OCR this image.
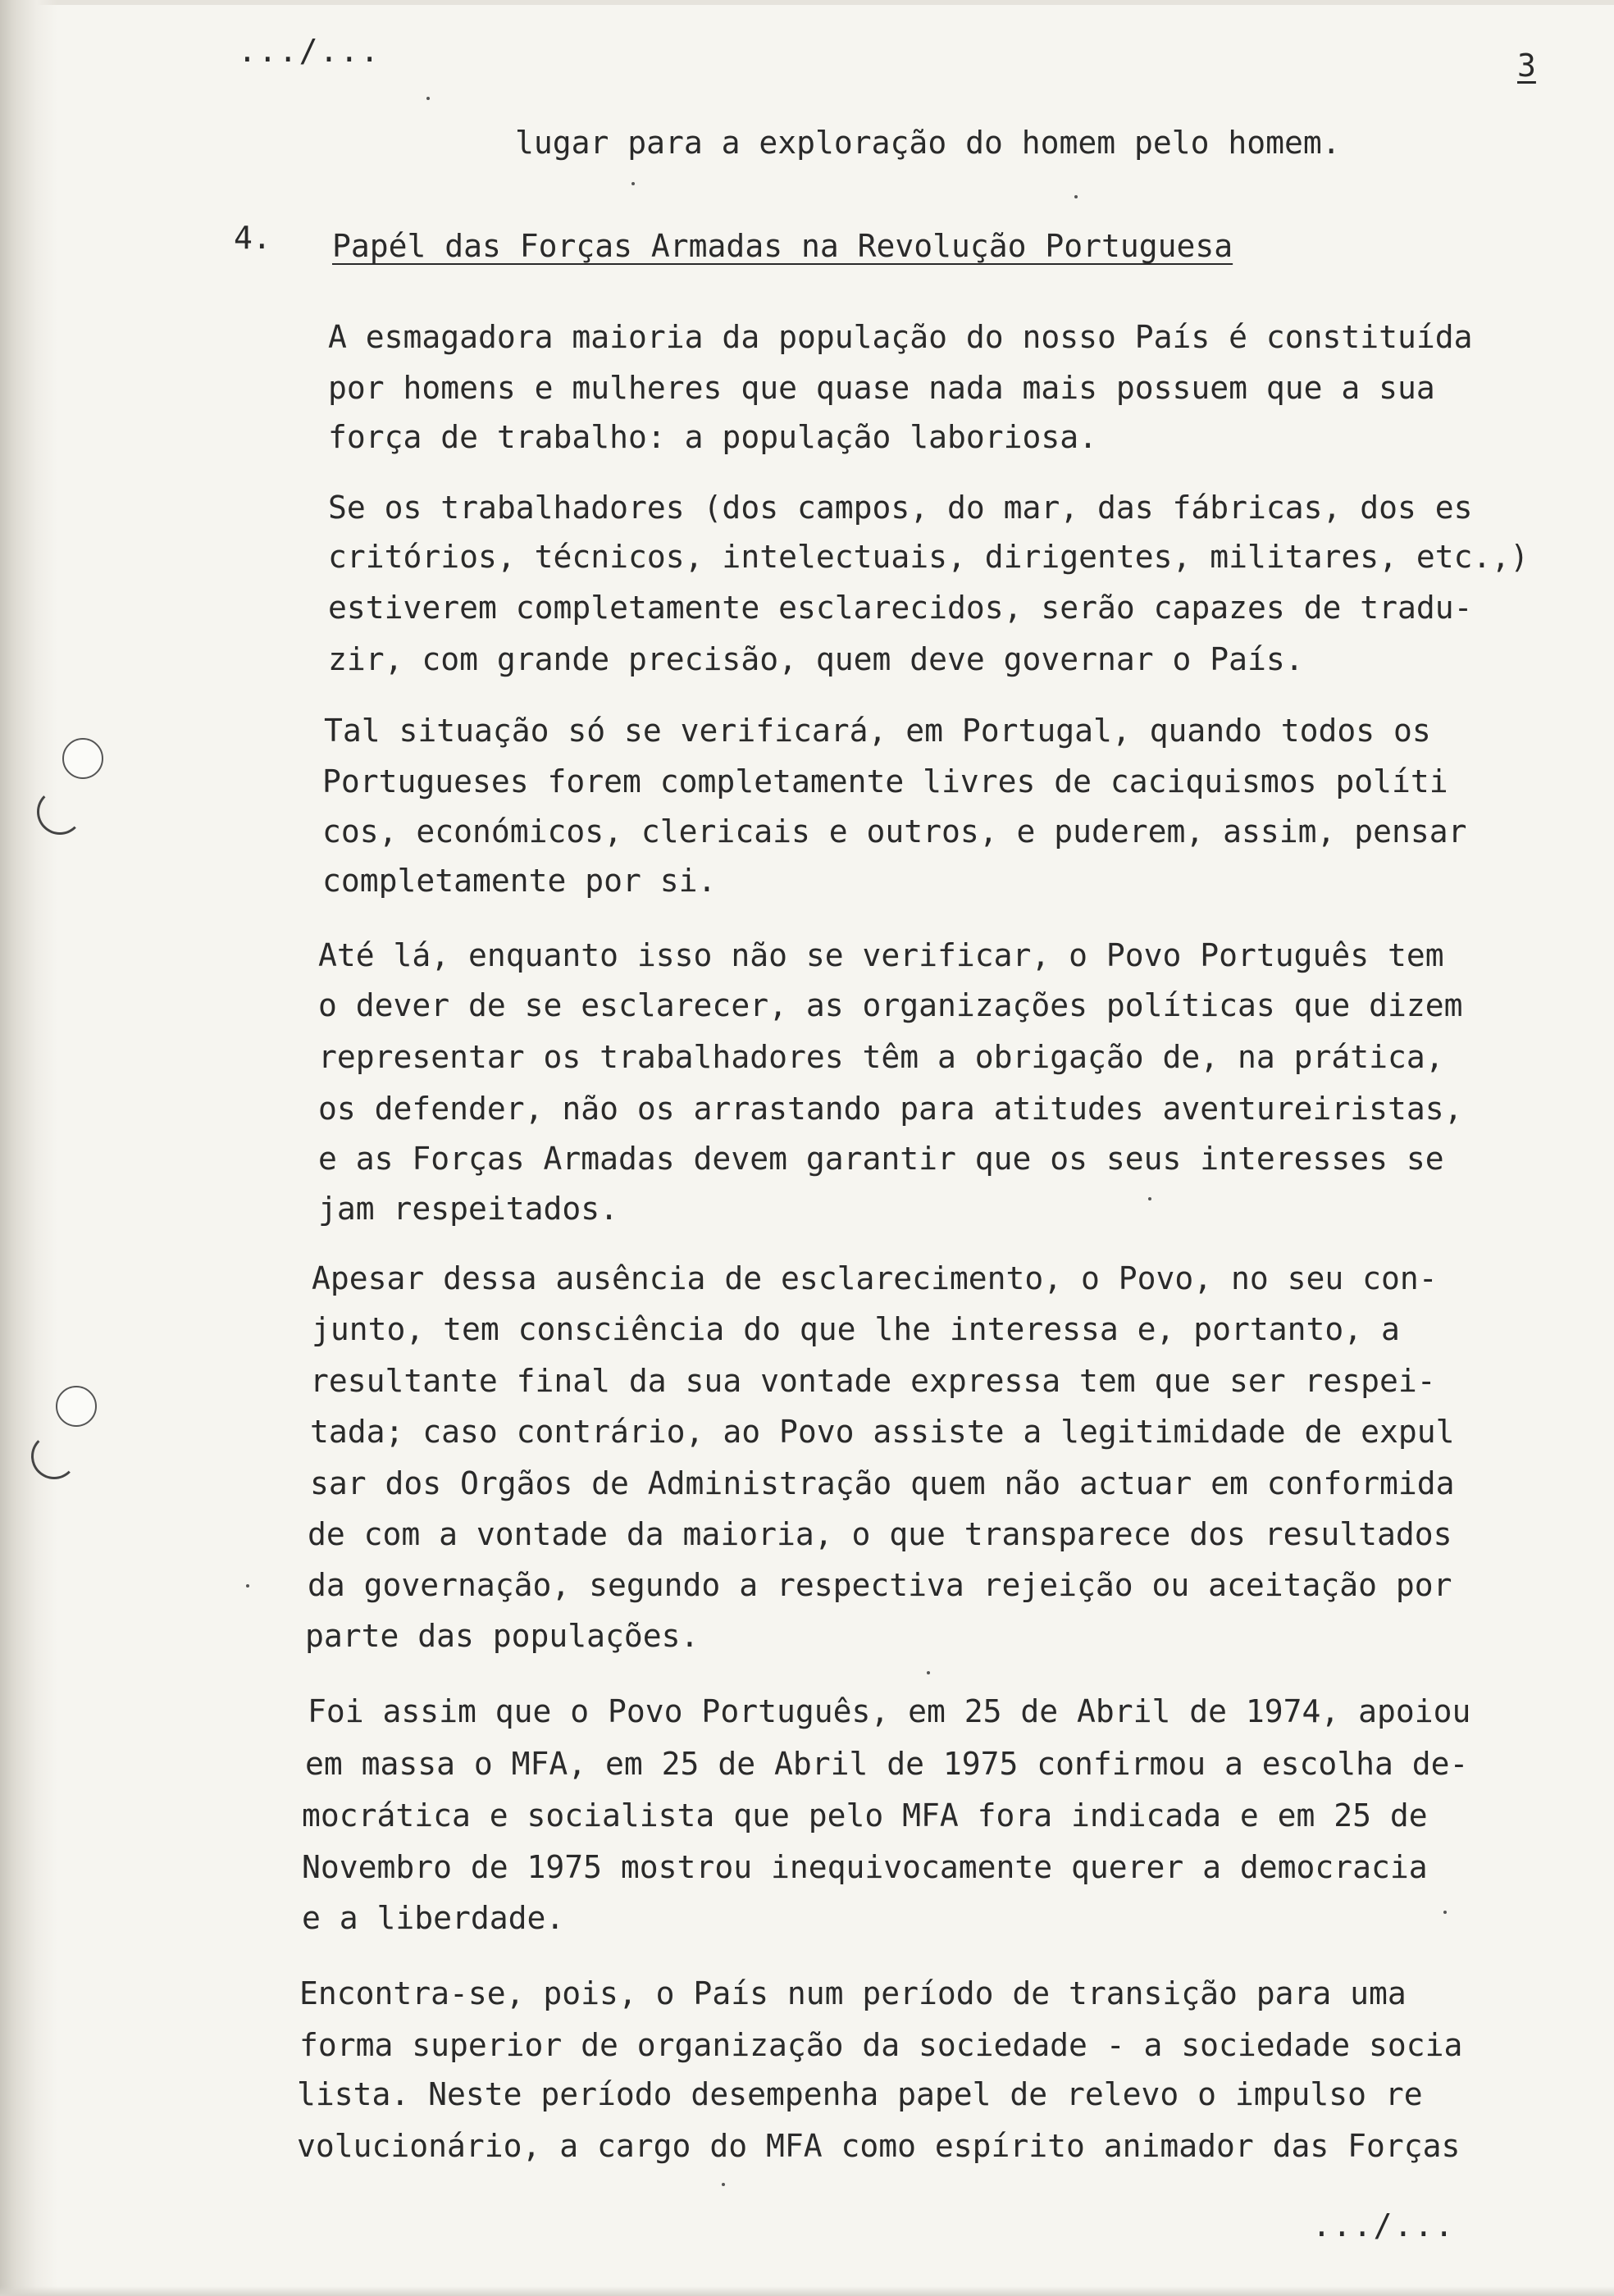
.../...	3
lugar para a exploração do homem pelo homem.
4. Papél das Forças Armadas na Revolução Portuguesa
A esmagadora maioria da população do nosso País é constituída
por homens e mulheres que quase nada mais possuem que a sua
força de trabalho: a população laboriosa.
Se os trabalhadores (dos campos, do mar, das fábricas, dos es
critórios, técnicos, intelectuais, dirigentes, militares, etc.,)
estiverem completamente esclarecidos, serão capazes de tradu-
zir, com grande precisão, quem deve governar o País.
Tal situação só se verificará, em Portugal, quando todos os
Portugueses forem completamente livres de caciquismos políti
cos, económicos, clericais e outros, e puderem, assim, pensar
completamente por si.
Até lá, enquanto isso não se verificar, o Povo Português tem
o dever de se esclarecer, as organizações políticas que dizem
representar os trabalhadores têm a obrigação de, na prática,
os defender, não os arrastando para atitudes aventureiristas,
e as Forças Armadas devem garantir que os seus interesses se
jam respeitados.
Apesar dessa ausência de esclarecimento, o Povo, no seu con-
junto, tem consciência do que lhe interessa e, portanto, a
resultante final da sua vontade expressa tem que ser respei-
tada; caso contrário, ao Povo assiste a legitimidade de expul
sar dos Orgãos de Administração quem não actuar em conformida
de com a vontade da maioria, o que transparece dos resultados
da governação, segundo a respectiva rejeição ou aceitação por
parte das populações.
Foi assim que o Povo Português, em 25 de Abril de 1974, apoiou
em massa o MFA, em 25 de Abril de 1975 confirmou a escolha de-
mocrática e socialista que pelo MFA fora indicada e em 25 de
Novembro de 1975 mostrou inequivocamente querer a democracia
e a liberdade.
Encontra-se, pois, o País num período de transição para uma
forma superior de organização da sociedade - a sociedade socia
lista. Neste período desempenha papel de relevo o impulso re
volucionário, a cargo do MFA como espírito animador das Forças
.../...
